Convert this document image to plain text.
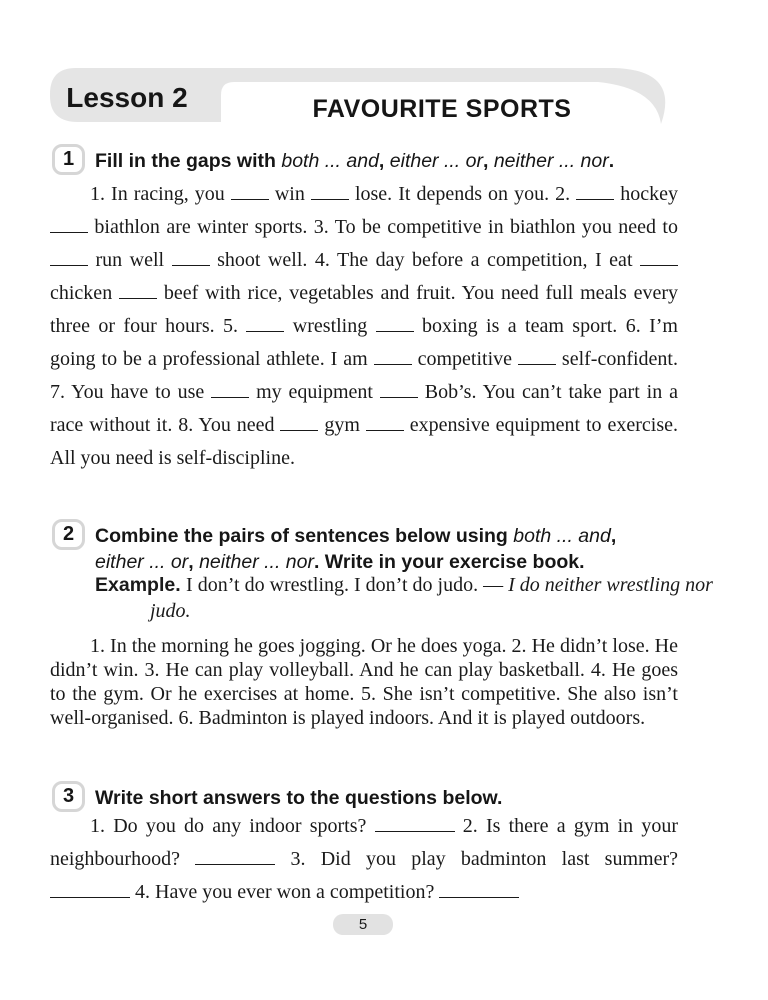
Lesson 2	FAVOURITE SPORTS
1	Fill in the gaps with both ... and, either ... or, neither ... nor.

1. In racing, you  win  lose. It depends on you. 2.  hockey  biathlon are winter sports. 3. To be competitive in biathlon you need to  run well  shoot well. 4. The day before a competition, I eat  chicken  beef with rice, vegetables and fruit. You need full meals every three or four hours. 5.  wrestling  boxing is a team sport. 6. I’m going to be a professional athlete. I am  competitive  self-confident. 7. You have to use  my equipment  Bob’s. You can’t take part in a race without it. 8. You need  gym  expensive equipment to exercise. All you need is self-discipline.

2	Combine the pairs of sentences below using both ... and, either ... or, neither ... nor. Write in your exercise book.
Example. I don’t do wrestling. I don’t do judo. — I do neither wrestling nor judo.

1. In the morning he goes jogging. Or he does yoga. 2. He didn’t lose. He didn’t win. 3. He can play volleyball. And he can play basketball. 4. He goes to the gym. Or he exercises at home. 5. She isn’t competitive. She also isn’t well-organised. 6. Badminton is played indoors. And it is played outdoors.

3	Write short answers to the questions below.

1. Do you do any indoor sports?	2. Is there a gym in your neighbourhood?	3. Did you play badminton last summer?  4. Have you ever won a competition?

5
